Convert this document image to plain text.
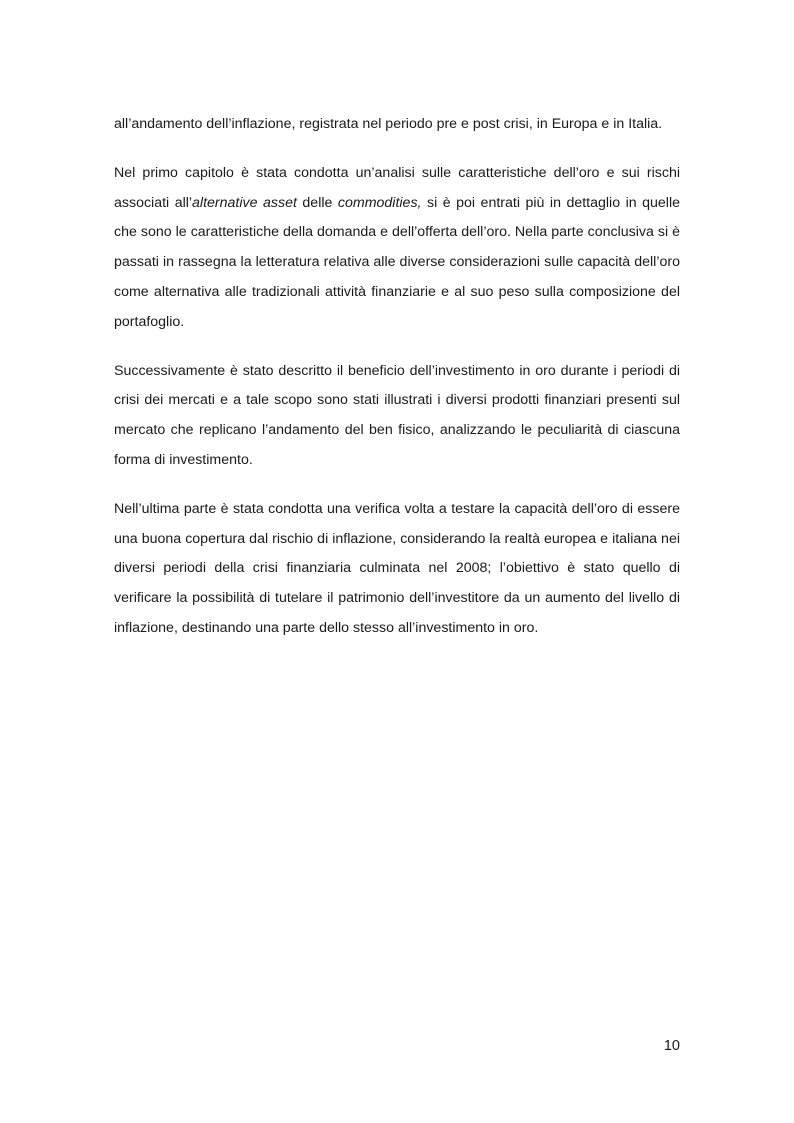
all’andamento dell’inflazione, registrata nel periodo pre e post crisi, in Europa e in Italia.

Nel primo capitolo è stata condotta un’analisi sulle caratteristiche dell’oro e sui rischi associati all’alternative asset delle commodities, si è poi entrati più in dettaglio in quelle che sono le caratteristiche della domanda e dell’offerta dell’oro. Nella parte conclusiva si è passati in rassegna la letteratura relativa alle diverse considerazioni sulle capacità dell’oro come alternativa alle tradizionali attività finanziarie e al suo peso sulla composizione del portafoglio.

Successivamente è stato descritto il beneficio dell’investimento in oro durante i periodi di crisi dei mercati e a tale scopo sono stati illustrati i diversi prodotti finanziari presenti sul mercato che replicano l’andamento del ben fisico, analizzando le peculiarità di ciascuna forma di investimento.

Nell’ultima parte è stata condotta una verifica volta a testare la capacità dell’oro di essere una buona copertura dal rischio di inflazione, considerando la realtà europea e italiana nei diversi periodi della crisi finanziaria culminata nel 2008; l’obiettivo è stato quello di verificare la possibilità di tutelare il patrimonio dell’investitore da un aumento del livello di inflazione, destinando una parte dello stesso all’investimento in oro.

10
